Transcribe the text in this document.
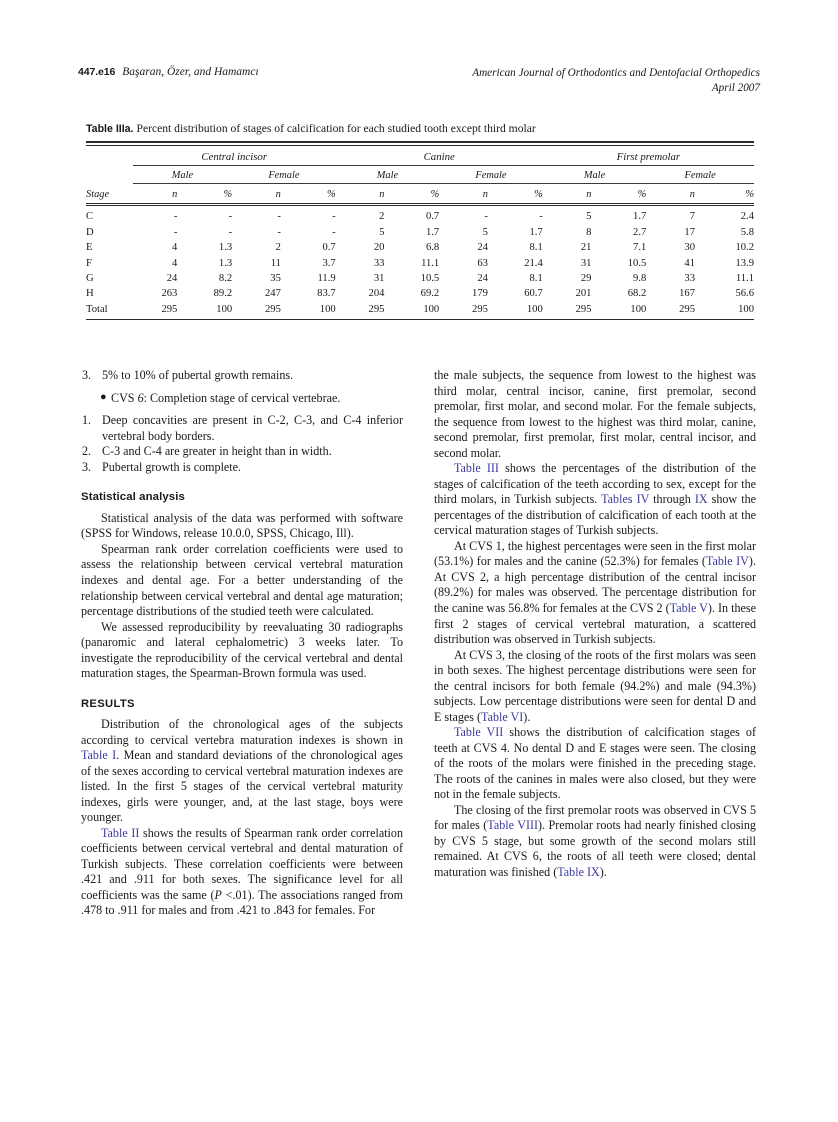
447.e16 Başaran, Özer, and Hamamcı	American Journal of Orthodontics and Dentofacial Orthopedics
April 2007
Table IIIa. Percent distribution of stages of calcification for each studied tooth except third molar

	Central incisor				Canine				First premolar			
	Male		Female		Male		Female		Male		Female	
Stage	n	%	n	%	n	%	n	%	n	%	n	%

C	-	-	-	-	2	0.7	-	-	5	1.7	7	2.4
D	-	-	-	-	5	1.7	5	1.7	8	2.7	17	5.8
E	4	1.3	2	0.7	20	6.8	24	8.1	21	7.1	30	10.2
F	4	1.3	11	3.7	33	11.1	63	21.4	31	10.5	41	13.9
G	24	8.2	35	11.9	31	10.5	24	8.1	29	9.8	33	11.1
H	263	89.2	247	83.7	204	69.2	179	60.7	201	68.2	167	56.6
Total	295	100	295	100	295	100	295	100	295	100	295	100

3. 5% to 10% of pubertal growth remains.
● CVS 6: Completion stage of cervical vertebrae.
1. Deep concavities are present in C-2, C-3, and C-4 inferior vertebral body borders.
2. C-3 and C-4 are greater in height than in width.
3. Pubertal growth is complete.
Statistical analysis

Statistical analysis of the data was performed with software (SPSS for Windows, release 10.0.0, SPSS, Chicago, Ill).

Spearman rank order correlation coefficients were used to assess the relationship between cervical vertebral maturation indexes and dental age. For a better understanding of the relationship between cervical vertebral and dental age maturation; percentage distributions of the studied teeth were calculated.

We assessed reproducibility by reevaluating 30 radiographs (panaromic and lateral cephalometric) 3 weeks later. To investigate the reproducibility of the cervical vertebral and dental maturation stages, the Spearman-Brown formula was used.

RESULTS

Distribution of the chronological ages of the subjects according to cervical vertebra maturation indexes is shown in Table I. Mean and standard deviations of the chronological ages of the sexes according to cervical vertebral maturation indexes are listed. In the first 5 stages of the cervical vertebral maturity indexes, girls were younger, and, at the last stage, boys were younger.

Table II shows the results of Spearman rank order correlation coefficients between cervical vertebral and dental maturation of Turkish subjects. These correlation coefficients were between .421 and .911 for both sexes. The significance level for all coefficients was the same (P <.01). The associations ranged from .478 to .911 for males and from .421 to .843 for females. For

the male subjects, the sequence from lowest to the highest was third molar, central incisor, canine, first premolar, second premolar, first molar, and second molar. For the female subjects, the sequence from lowest to the highest was third molar, canine, second premolar, first premolar, first molar, central incisor, and second molar.

Table III shows the percentages of the distribution of the stages of calcification of the teeth according to sex, except for the third molars, in Turkish subjects. Tables IV through IX show the percentages of the distribution of calcification of each tooth at the cervical maturation stages of Turkish subjects.

At CVS 1, the highest percentages were seen in the first molar (53.1%) for males and the canine (52.3%) for females (Table IV). At CVS 2, a high percentage distribution of the central incisor (89.2%) for males was observed. The percentage distribution for the canine was 56.8% for females at the CVS 2 (Table V). In these first 2 stages of cervical vertebral maturation, a scattered distribution was observed in Turkish subjects.

At CVS 3, the closing of the roots of the first molars was seen in both sexes. The highest percentage distributions were seen for the central incisors for both female (94.2%) and male (94.3%) subjects. Low percentage distributions were seen for dental D and E stages (Table VI).

Table VII shows the distribution of calcification stages of teeth at CVS 4. No dental D and E stages were seen. The closing of the roots of the molars were finished in the preceding stage. The roots of the canines in males were also closed, but they were not in the female subjects.

The closing of the first premolar roots was observed in CVS 5 for males (Table VIII). Premolar roots had nearly finished closing by CVS 5 stage, but some growth of the second molars still remained. At CVS 6, the roots of all teeth were closed; dental maturation was finished (Table IX).
